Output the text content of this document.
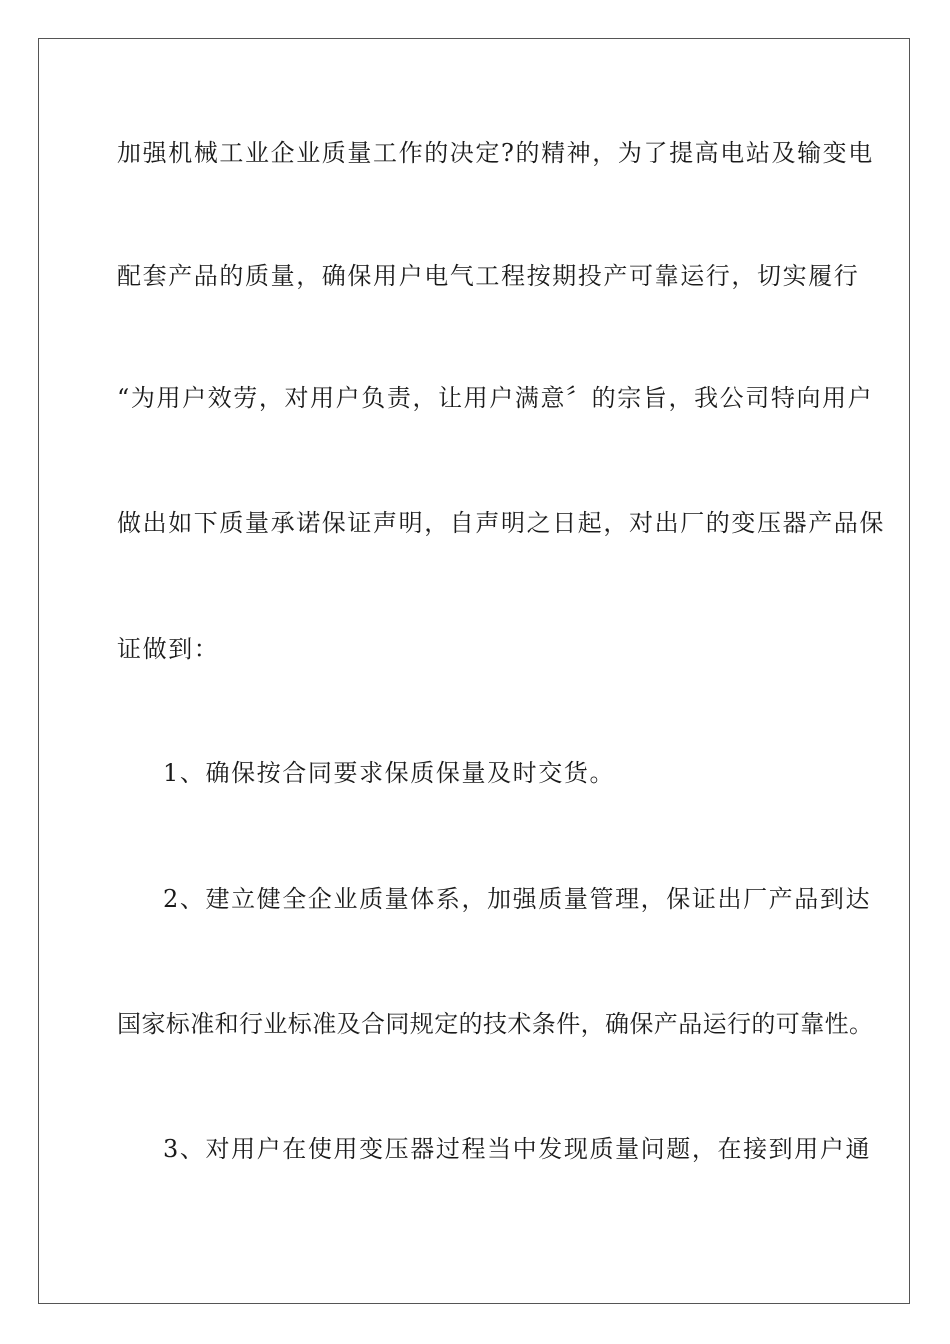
加强机械工业企业质量工作的决定?的精神，为了提高电站及输变电
配套产品的质量，确保用户电气工程按期投产可靠运行，切实履行
“为用户效劳，对用户负责，让用户满意〞的宗旨，我公司特向用户
做出如下质量承诺保证声明，自声明之日起，对出厂的变压器产品保
证做到：
1、确保按合同要求保质保量及时交货。
2、建立健全企业质量体系，加强质量管理，保证出厂产品到达
国家标准和行业标准及合同规定的技术条件，确保产品运行的可靠性。
3、对用户在使用变压器过程当中发现质量问题，在接到用户通
